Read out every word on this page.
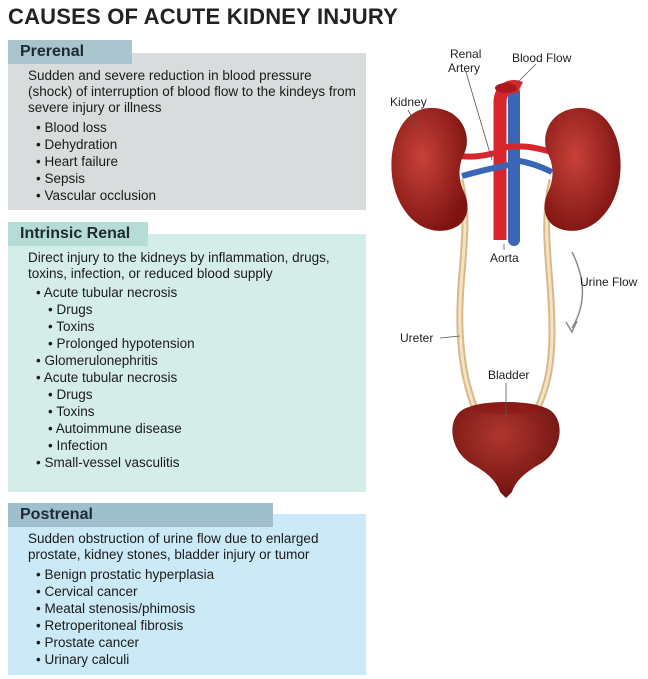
CAUSES OF ACUTE KIDNEY INJURY
Prerenal

Sudden and severe reduction in blood pressure (shock) of interruption of blood flow to the kindeys from severe injury or illness

• Blood loss
• Dehydration
• Heart failure
• Sepsis
• Vascular occlusion
Intrinsic Renal

Direct injury to the kidneys by inflammation, drugs, toxins, infection, or reduced blood supply

• Acute tubular necrosis
• Drugs
• Toxins
• Prolonged hypotension
• Glomerulonephritis
• Acute tubular necrosis
• Drugs
• Toxins
• Autoimmune disease
• Infection
• Small-vessel vasculitis
Postrenal

Sudden obstruction of urine flow due to enlarged prostate, kidney stones, bladder injury or tumor

• Benign prostatic hyperplasia
• Cervical cancer
• Meatal stenosis/phimosis
• Retroperitoneal fibrosis
• Prostate cancer
• Urinary calculi
Renal
Artery
Blood Flow
Kidney
Aorta
Urine Flow
Ureter
Bladder
